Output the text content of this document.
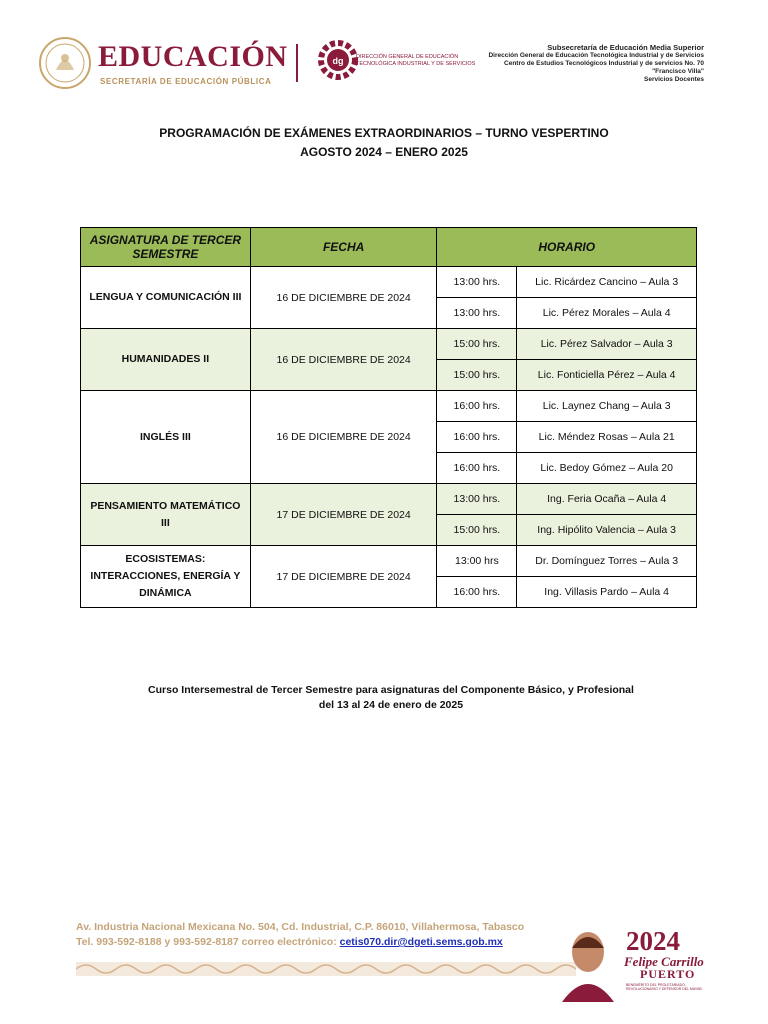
EDUCACIÓN
SECRETARÍA DE EDUCACIÓN PÚBLICA
dg DIRECCIÓN GENERAL DE EDUCACIÓN TECNOLÓGICA INDUSTRIAL Y DE SERVICIOS
Subsecretaría de Educación Media Superior
Dirección General de Educación Tecnológica Industrial y de Servicios
Centro de Estudios Tecnológicos Industrial y de servicios No. 70
"Francisco Villa"
Servicios Docentes
PROGRAMACIÓN DE EXÁMENES EXTRAORDINARIOS – TURNO VESPERTINO
AGOSTO 2024 – ENERO 2025
ASIGNATURA DE TERCER SEMESTRE	FECHA	HORARIO	
LENGUA Y COMUNICACIÓN III	16 DE DICIEMBRE DE 2024	13:00 hrs.	Lic. Ricárdez Cancino – Aula 3
		13:00 hrs.	Lic. Pérez Morales – Aula 4
HUMANIDADES II	16 DE DICIEMBRE DE 2024	15:00 hrs.	Lic. Pérez Salvador – Aula 3
		15:00 hrs.	Lic. Fonticiella Pérez – Aula 4
INGLÉS III	16 DE DICIEMBRE DE 2024	16:00 hrs.	Lic. Laynez Chang – Aula 3
		16:00 hrs.	Lic. Méndez Rosas – Aula 21
		16:00 hrs.	Lic. Bedoy Gómez – Aula 20
PENSAMIENTO MATEMÁTICO III	17 DE DICIEMBRE DE 2024	13:00 hrs.	Ing. Feria Ocaña – Aula 4
		15:00 hrs.	Ing. Hipólito Valencia – Aula 3
ECOSISTEMAS: INTERACCIONES, ENERGÍA Y DINÁMICA	17 DE DICIEMBRE DE 2024	13:00 hrs	Dr. Domínguez Torres – Aula 3
		16:00 hrs.	Ing. Villasis Pardo – Aula 4
Curso Intersemestral de Tercer Semestre para asignaturas del Componente Básico, y Profesional
del 13 al 24 de enero de 2025
Av. Industria Nacional Mexicana No. 504, Cd. Industrial, C.P. 86010, Villahermosa, Tabasco
Tel. 993-592-8188 y 993-592-8187 correo electrónico: cetis070.dir@dgeti.sems.gob.mx	2024
Felipe Carrillo
PUERTO
BENEMÉRITO DEL PROLETARIADO, REVOLUCIONARIO Y DEFENSOR DEL MAYAB
